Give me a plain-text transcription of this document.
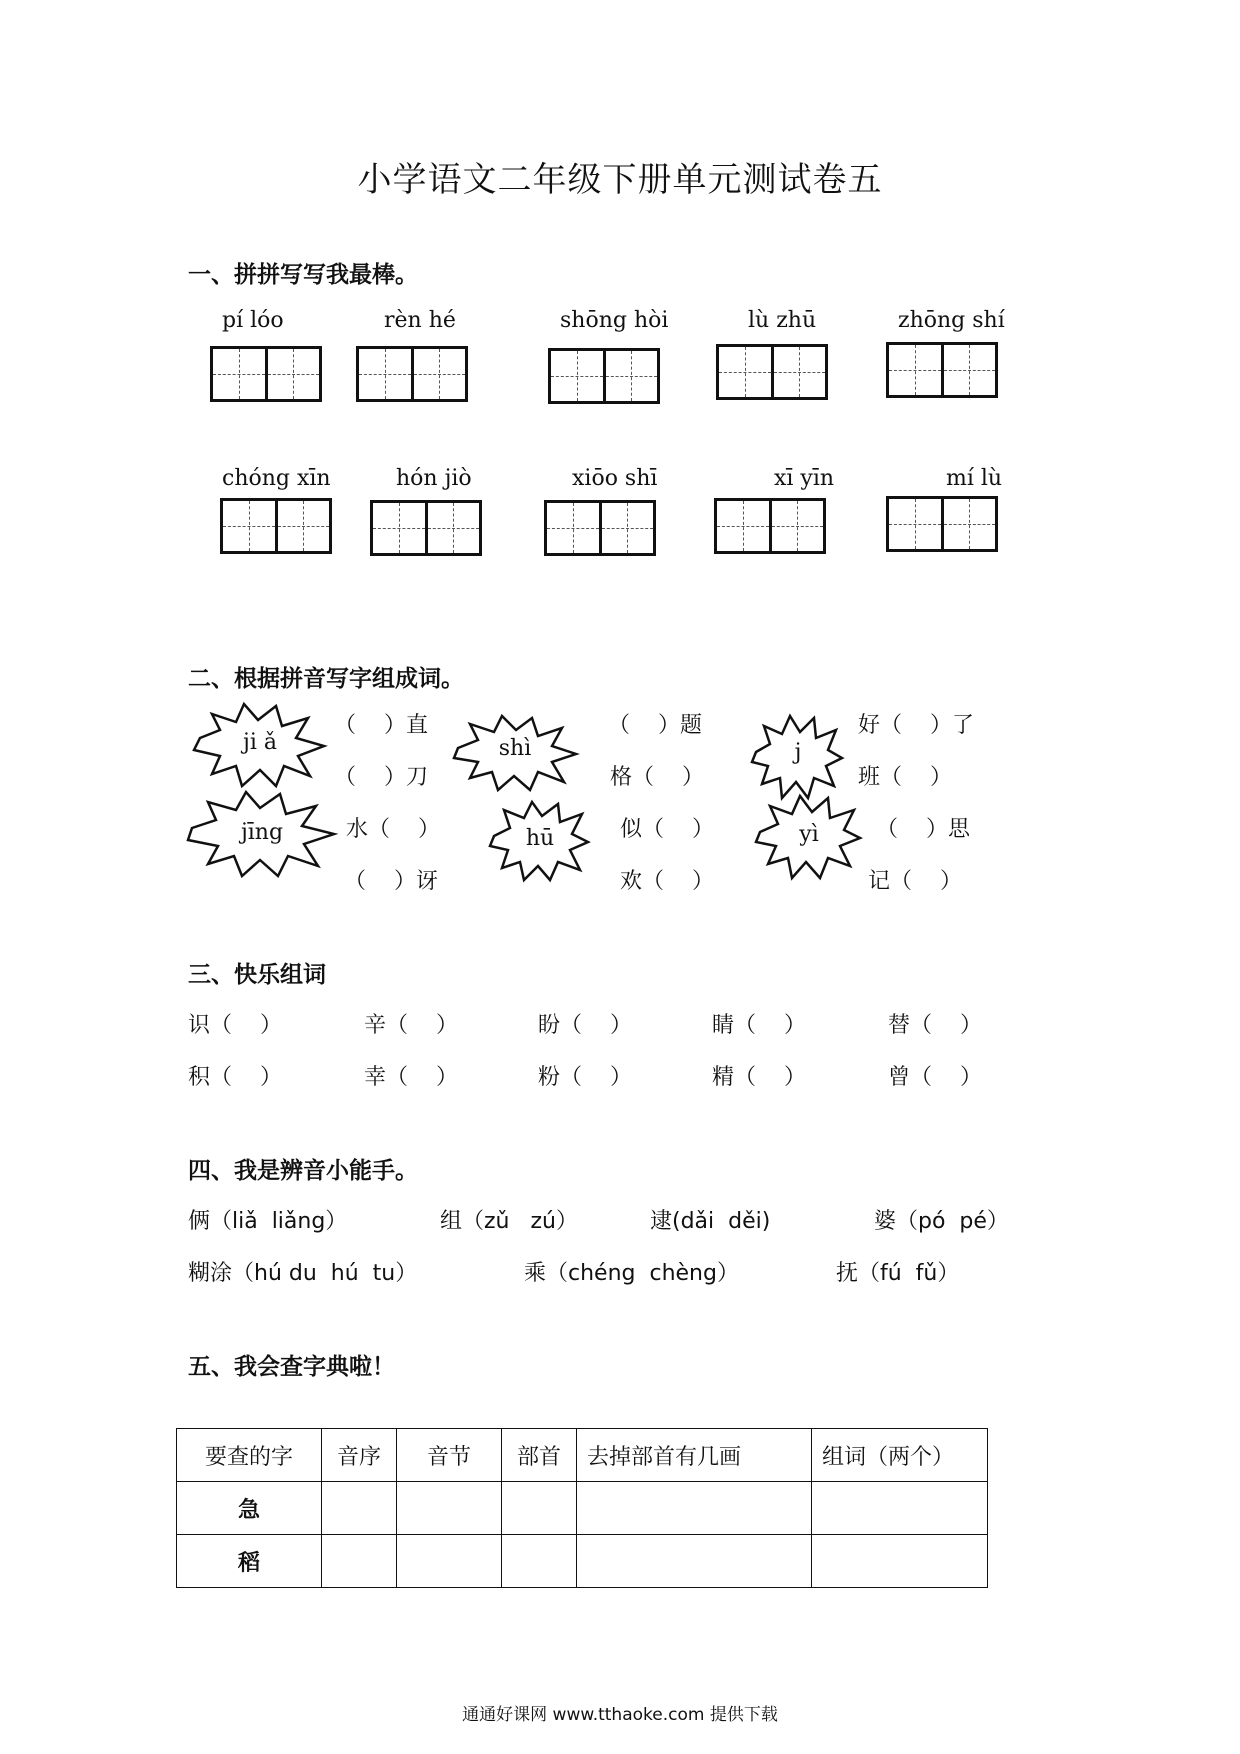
小学语文二年级下册单元测试卷五
一、拼拼写写我最棒。
pí lóo	rèn hé	shōng hòi	lù zhū	zhōng shí
chóng xīn	hón jiò	xiōo shī	xī yīn	mí lù
二、根据拼音写字组成词。
ji ǎ	shì	j
jīng	hū	yì
（    ）直
（    ）刀
（    ）题
格（    ）
好（    ）了
班（    ）
水（    ）
（    ）讶
似（    ）
欢（    ）
（    ）思
记（    ）
三、快乐组词
识（    ）	辛（    ）	盼（    ）	睛（    ）	替（    ）
积（    ）	幸（    ）	粉（    ）	精（    ）	曾（    ）
四、我是辨音小能手。
俩（liǎ  liǎng）	组（zǔ   zú）	逮(dǎi  děi)	婆（pó  pé）
糊涂（hú du  hú  tu）	乘（chéng  chèng）	抚（fú  fǔ）
五、我会查字典啦！
要查的字	音序	音节	部首	去掉部首有几画	组词（两个）
急					
稻					
通通好课网 www.tthaoke.com 提供下载
